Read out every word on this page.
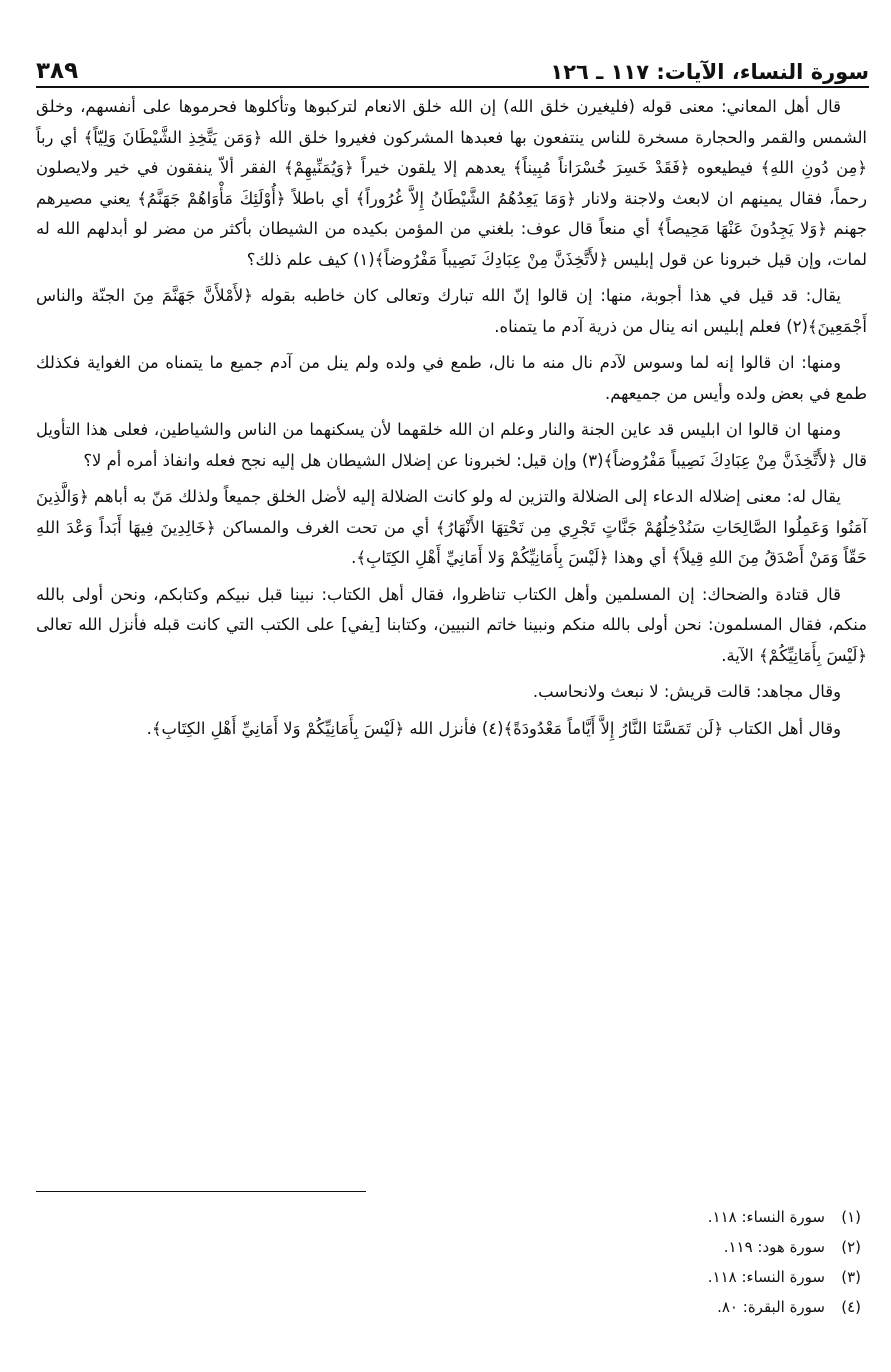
سورة النساء، الآيات: ١١٧ ـ ١٢٦
٣٨٩

قال أهل المعاني: معنى قوله (فليغيرن خلق الله) إن الله خلق الانعام لتركبوها وتأكلوها فحرموها على أنفسهم، وخلق الشمس والقمر والحجارة مسخرة للناس ينتفعون بها فعبدها المشركون فغيروا خلق الله ﴿وَمَن يَتَّخِذِ الشَّيْطَانَ وَلِيّاً﴾ أي رباً ﴿مِن دُونِ اللهِ﴾ فيطيعوه ﴿فَقَدْ خَسِرَ خُسْرَاناً مُبِيناً﴾ يعدهم إلا يلقون خيراً ﴿وَيُمَنِّيهِمْ﴾ الفقر ألاّ ينفقون في خير ولايصلون رحماً، فقال يمينهم ان لابعث ولاجنة ولانار ﴿وَمَا يَعِدُهُمُ الشَّيْطَانُ إِلاَّ غُرُوراً﴾ أي باطلاً ﴿أُوْلَئِكَ مَأْوَاهُمْ جَهَنَّمُ﴾ يعني مصيرهم جهنم ﴿وَلا يَجِدُونَ عَنْهَا مَحِيصاً﴾ أي منعاً قال عوف: بلغني من المؤمن بكيده من الشيطان بأكثر من مضر لو أبدلهم الله له لمات، وإن قيل خبرونا عن قول إبليس ﴿لأَتَّخِذَنَّ مِنْ عِبَادِكَ نَصِيباً مَفْرُوضاً﴾(١) كيف علم ذلك؟

يقال: قد قيل في هذا أجوبة، منها: إن قالوا إنّ الله تبارك وتعالى كان خاطبه بقوله ﴿لأَمْلأَنَّ جَهَنَّمَ مِنَ الجنّة والناس أَجْمَعِينَ﴾(٢) فعلم إبليس انه ينال من ذرية آدم ما يتمناه.

ومنها: ان قالوا إنه لما وسوس لآدم نال منه ما نال، طمع في ولده ولم ينل من آدم جميع ما يتمناه من الغواية فكذلك طمع في بعض ولده وأيس من جميعهم.

ومنها ان قالوا ان ابليس قد عاين الجنة والنار وعلم ان الله خلقهما لأن يسكنهما من الناس والشياطين، فعلى هذا التأويل قال ﴿لأَتَّخِذَنَّ مِنْ عِبَادِكَ نَصِيباً مَفْرُوضاً﴾(٣) وإن قيل: لخبرونا عن إضلال الشيطان هل إليه نجح فعله وانفاذ أمره أم لا؟

يقال له: معنى إضلاله الدعاء إلى الضلالة والتزين له ولو كانت الضلالة إليه لأضل الخلق جميعاً ولذلك مَنّ به أباهم ﴿وَالَّذِينَ آمَنُوا وَعَمِلُوا الصَّالِحَاتِ سَنُدْخِلُهُمْ جَنَّاتٍ تَجْرِي مِن تَحْتِهَا الأَنْهَارُ﴾ أي من تحت الغرف والمساكن ﴿خَالِدِينَ فِيهَا أَبَداً وَعْدَ اللهِ حَقّاً وَمَنْ أَصْدَقُ مِنَ اللهِ قِيلاً﴾ أي وهذا ﴿لَيْسَ بِأَمَانِيِّكُمْ وَلا أَمَانِيِّ أَهْلِ الكِتَابِ﴾.

قال قتادة والضحاك: إن المسلمين وأهل الكتاب تناظروا، فقال أهل الكتاب: نبينا قبل نبيكم وكتابكم، ونحن أولى بالله منكم، فقال المسلمون: نحن أولى بالله منكم ونبينا خاتم النبيين، وكتابنا [يفي] على الكتب التي كانت قبله فأنزل الله تعالى ﴿لَيْسَ بِأَمَانِيِّكُمْ﴾ الآية.

وقال مجاهد: قالت قريش: لا نبعث ولانحاسب.

وقال أهل الكتاب ﴿لَن تَمَسَّنَا النَّارُ إِلاَّ أَيَّاماً مَعْدُودَةً﴾(٤) فأنزل الله ﴿لَيْسَ بِأَمَانِيِّكُمْ وَلا أَمَانِيِّ أَهْلِ الكِتَابِ﴾.

(١)
سورة النساء: ١١٨.
(٢)
سورة هود: ١١٩.
(٣)
سورة النساء: ١١٨.
(٤)
سورة البقرة: ٨٠.
